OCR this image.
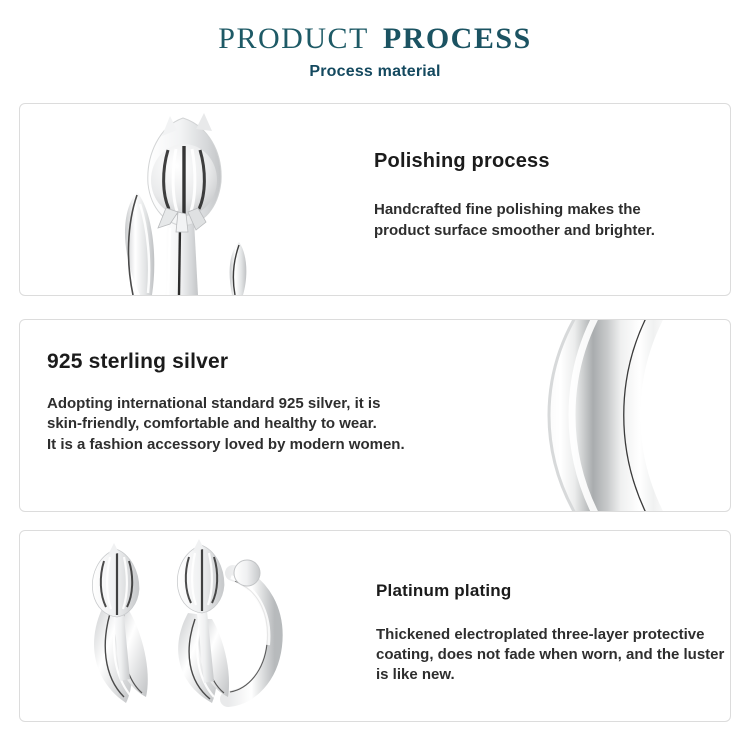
PRODUCT PROCESS
Process material
Polishing process

Handcrafted fine polishing makes the product surface smoother and brighter.

925 sterling silver

Adopting international standard 925 silver, it is skin-friendly, comfortable and healthy to wear.

It is a fashion accessory loved by modern women.

Platinum plating

Thickened electroplated three-layer protective coating, does not fade when worn, and the luster is like new.
